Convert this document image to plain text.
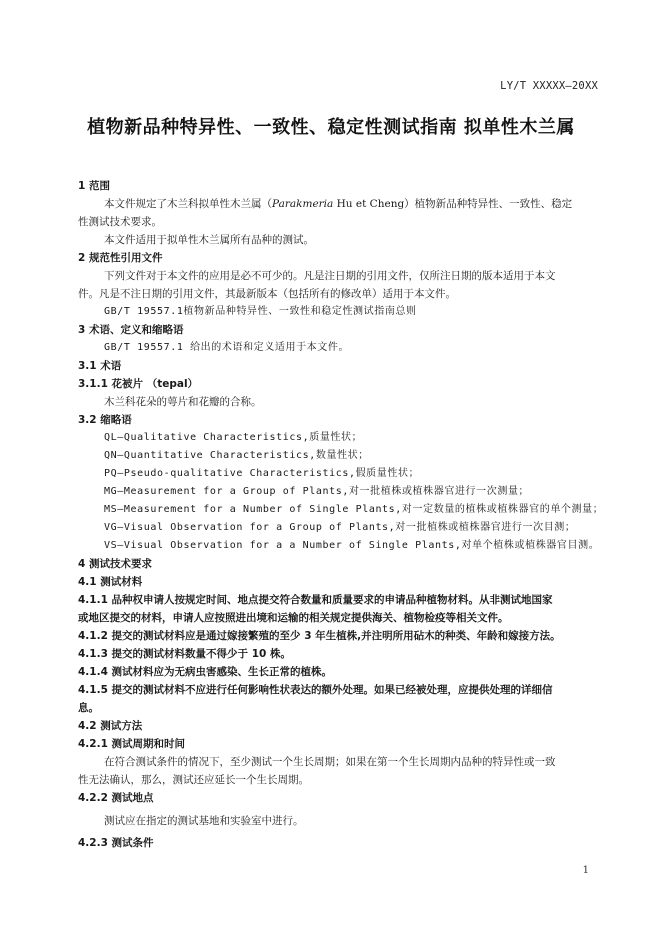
LY/T XXXXX—20XX
植物新品种特异性、一致性、稳定性测试指南 拟单性木兰属
1 范围
本文件规定了木兰科拟单性木兰属（Parakmeria Hu et Cheng）植物新品种特异性、一致性、稳定
性测试技术要求。
本文件适用于拟单性木兰属所有品种的测试。
2 规范性引用文件
下列文件对于本文件的应用是必不可少的。凡是注日期的引用文件，仅所注日期的版本适用于本文
件。凡是不注日期的引用文件，其最新版本（包括所有的修改单）适用于本文件。
GB/T 19557.1植物新品种特异性、一致性和稳定性测试指南总则
3 术语、定义和缩略语
GB/T 19557.1 给出的术语和定义适用于本文件。
3.1 术语
3.1.1 花被片 （tepal）
木兰科花朵的萼片和花瓣的合称。
3.2 缩略语
QL—Qualitative Characteristics,质量性状；
QN—Quantitative Characteristics,数量性状；
PQ—Pseudo-qualitative Characteristics,假质量性状；
MG—Measurement for a Group of Plants,对一批植株或植株器官进行一次测量；
MS—Measurement for a Number of Single Plants,对一定数量的植株或植株器官的单个测量；
VG—Visual Observation for a Group of Plants,对一批植株或植株器官进行一次目测；
VS—Visual Observation for a a Number of Single Plants,对单个植株或植株器官目测。
4 测试技术要求
4.1 测试材料
4.1.1 品种权申请人按规定时间、地点提交符合数量和质量要求的申请品种植物材料。从非测试地国家
或地区提交的材料，申请人应按照进出境和运输的相关规定提供海关、植物检疫等相关文件。
4.1.2 提交的测试材料应是通过嫁接繁殖的至少 3 年生植株,并注明所用砧木的种类、年龄和嫁接方法。
4.1.3 提交的测试材料数量不得少于 10 株。
4.1.4 测试材料应为无病虫害感染、生长正常的植株。
4.1.5 提交的测试材料不应进行任何影响性状表达的额外处理。如果已经被处理，应提供处理的详细信
息。
4.2 测试方法
4.2.1 测试周期和时间
在符合测试条件的情况下，至少测试一个生长周期；如果在第一个生长周期内品种的特异性或一致
性无法确认，那么，测试还应延长一个生长周期。
4.2.2 测试地点
测试应在指定的测试基地和实验室中进行。
4.2.3 测试条件
1
